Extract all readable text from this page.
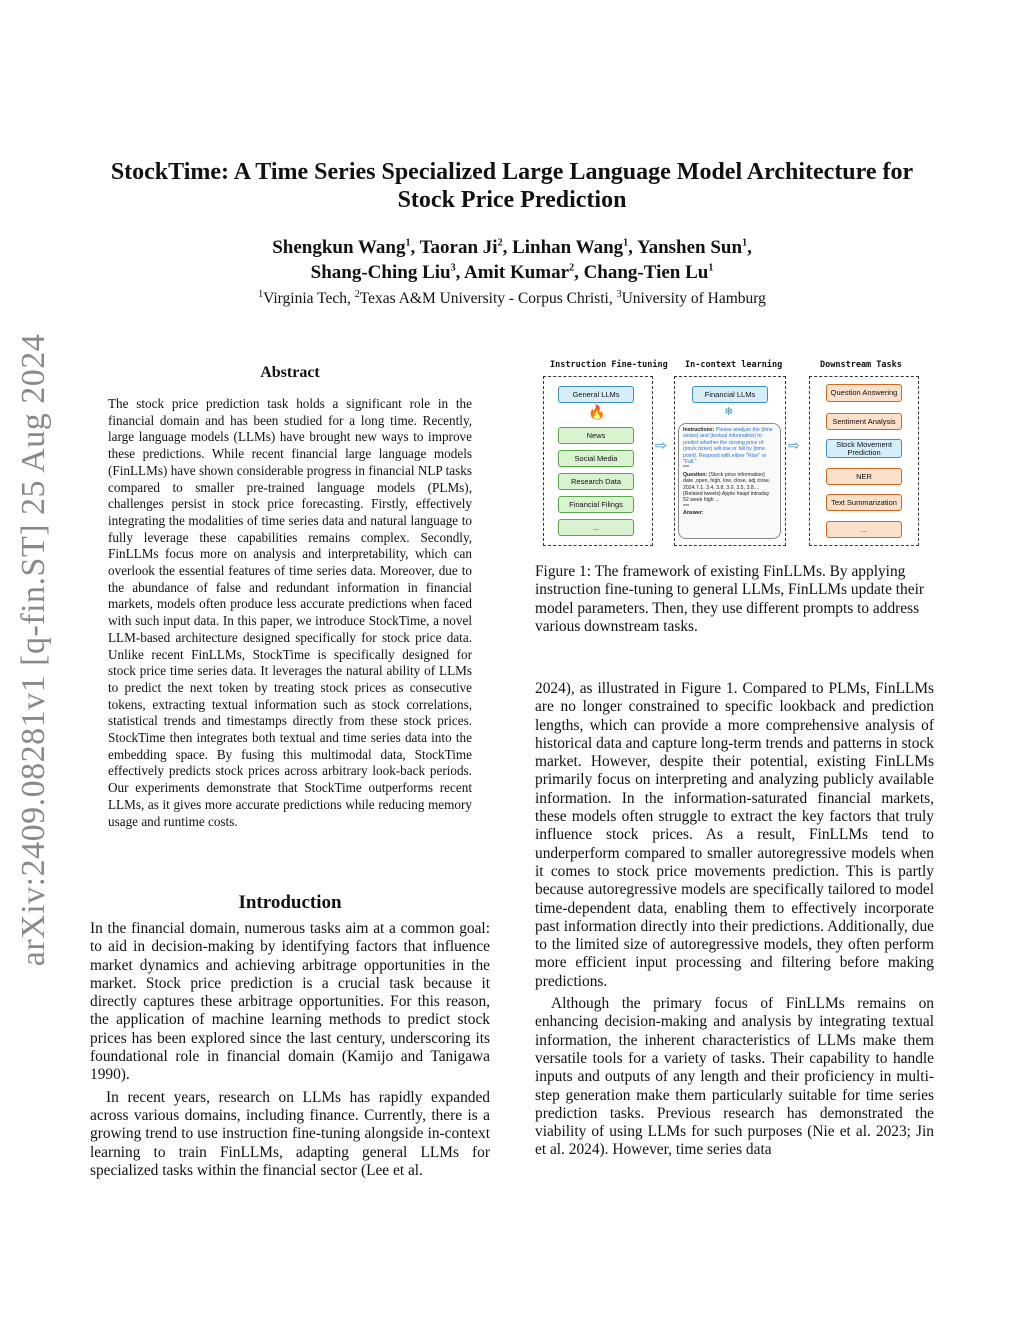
arXiv:2409.08281v1 [q-fin.ST] 25 Aug 2024
StockTime: A Time Series Specialized Large Language Model Architecture for Stock Price Prediction
Shengkun Wang$^1$, Taoran Ji$^2$, Linhan Wang$^1$, Yanshen Sun$^1$,
Shang-Ching Liu$^3$, Amit Kumar$^2$, Chang-Tien Lu$^1$
$^1$Virginia Tech, $^2$Texas A&M University - Corpus Christi, $^3$University of Hamburg
Abstract
The stock price prediction task holds a significant role in the financial domain and has been studied for a long time. Recently, large language models (LLMs) have brought new ways to improve these predictions. While recent financial large language models (FinLLMs) have shown considerable progress in financial NLP tasks compared to smaller pre-trained language models (PLMs), challenges persist in stock price forecasting. Firstly, effectively integrating the modalities of time series data and natural language to fully leverage these capabilities remains complex. Secondly, FinLLMs focus more on analysis and interpretability, which can overlook the essential features of time series data. Moreover, due to the abundance of false and redundant information in financial markets, models often produce less accurate predictions when faced with such input data. In this paper, we introduce StockTime, a novel LLM-based architecture designed specifically for stock price data. Unlike recent FinLLMs, StockTime is specifically designed for stock price time series data. It leverages the natural ability of LLMs to predict the next token by treating stock prices as consecutive tokens, extracting textual information such as stock correlations, statistical trends and timestamps directly from these stock prices. StockTime then integrates both textual and time series data into the embedding space. By fusing this multimodal data, StockTime effectively predicts stock prices across arbitrary look-back periods. Our experiments demonstrate that StockTime outperforms recent LLMs, as it gives more accurate predictions while reducing memory usage and runtime costs.
Introduction

In the financial domain, numerous tasks aim at a common goal: to aid in decision-making by identifying factors that influence market dynamics and achieving arbitrage opportunities in the market. Stock price prediction is a crucial task because it directly captures these arbitrage opportunities. For this reason, the application of machine learning methods to predict stock prices has been explored since the last century, underscoring its foundational role in financial domain (Kamijo and Tanigawa 1990).

In recent years, research on LLMs has rapidly expanded across various domains, including finance. Currently, there is a growing trend to use instruction fine-tuning alongside in-context learning to train FinLLMs, adapting general LLMs for specialized tasks within the financial sector (Lee et al.

Instruction Fine-tuning In-context learning	Downstream Tasks
General LLMs
🔥
News
Social Media
Research Data
Financial Filings
...
⇨
Financial LLMs
❄
Instructions: Please analyze the {time series} and {textual information} to predict whether the closing price of {stock ticker} will rise or fall by {time point}. Respond with either "Rise" or "Fall."
***
Question: {Stock price information} date ,open, high, low, close, adj close, 2024.7.1, 3.4, 3.8, 3.0, 3.5, 3.8.... {Related tweets} Apple #aapl intraday 52 week high ...
***
Answer:
⇨
Question Answering
Sentiment Analysis
Stock Movement Prediction
NER
Text Summarization
...
Figure 1: The framework of existing FinLLMs. By applying instruction fine-tuning to general LLMs, FinLLMs update their model parameters. Then, they use different prompts to address various downstream tasks.

2024), as illustrated in Figure 1. Compared to PLMs, FinLLMs are no longer constrained to specific lookback and prediction lengths, which can provide a more comprehensive analysis of historical data and capture long-term trends and patterns in stock market. However, despite their potential, existing FinLLMs primarily focus on interpreting and analyzing publicly available information. In the information-saturated financial markets, these models often struggle to extract the key factors that truly influence stock prices. As a result, FinLLMs tend to underperform compared to smaller autoregressive models when it comes to stock price movements prediction. This is partly because autoregressive models are specifically tailored to model time-dependent data, enabling them to effectively incorporate past information directly into their predictions. Additionally, due to the limited size of autoregressive models, they often perform more efficient input processing and filtering before making predictions.

Although the primary focus of FinLLMs remains on enhancing decision-making and analysis by integrating textual information, the inherent characteristics of LLMs make them versatile tools for a variety of tasks. Their capability to handle inputs and outputs of any length and their proficiency in multi-step generation make them particularly suitable for time series prediction tasks. Previous research has demonstrated the viability of using LLMs for such purposes (Nie et al. 2023; Jin et al. 2024). However, time series data
